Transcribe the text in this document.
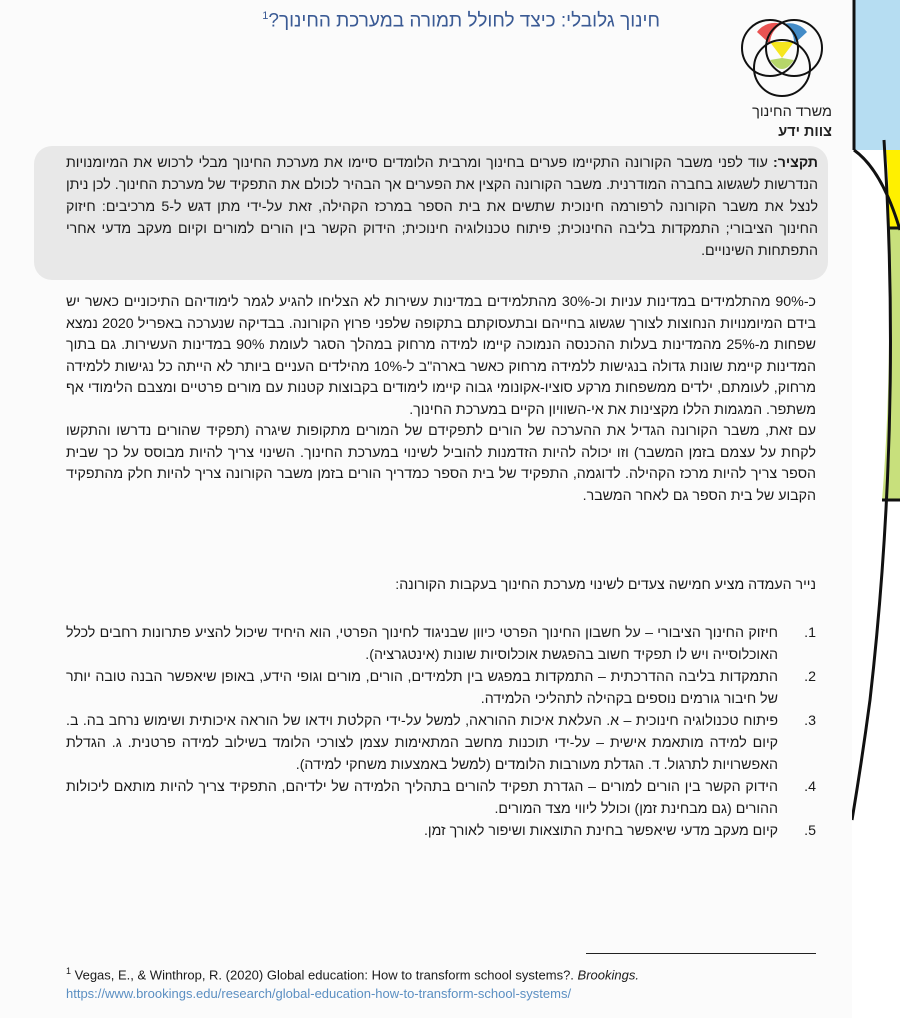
משרד החינוך
צוות ידע
חינוך גלובלי: כיצד לחולל תמורה במערכת החינוך?$^1$
תקציר: עוד לפני משבר הקורונה התקיימו פערים בחינוך ומרבית הלומדים סיימו את מערכת החינוך מבלי לרכוש את המיומנויות הנדרשות לשגשוג בחברה המודרנית. משבר הקורונה הקצין את הפערים אך הבהיר לכולם את התפקיד של מערכת החינוך. לכן ניתן לנצל את משבר הקורונה לרפורמה חינוכית שתשים את בית הספר במרכז הקהילה, זאת על-ידי מתן דגש ל-5 מרכיבים: חיזוק החינוך הציבורי; התמקדות בליבה החינוכית; פיתוח טכנולוגיה חינוכית; הידוק הקשר בין הורים למורים וקיום מעקב מדעי אחרי התפתחות השינויים.

כ-90% מהתלמידים במדינות עניות וכ-30% מהתלמידים במדינות עשירות לא הצליחו להגיע לגמר לימודיהם התיכוניים כאשר יש בידם המיומנויות הנחוצות לצורך שגשוג בחייהם ובתעסוקתם בתקופה שלפני פרוץ הקורונה. בבדיקה שנערכה באפריל 2020 נמצא שפחות מ-25% מהמדינות בעלות ההכנסה הנמוכה קיימו למידה מרחוק במהלך הסגר לעומת 90% במדינות העשירות. גם בתוך המדינות קיימת שונות גדולה בנגישות ללמידה מרחוק כאשר בארה"ב ל-10% מהילדים העניים ביותר לא הייתה כל נגישות ללמידה מרחוק, לעומתם, ילדים ממשפחות מרקע סוציו-אקונומי גבוה קיימו לימודים בקבוצות קטנות עם מורים פרטיים ומצבם הלימודי אף משתפר. המגמות הללו מקצינות את אי-השוויון הקיים במערכת החינוך.

עם זאת, משבר הקורונה הגדיל את ההערכה של הורים לתפקידם של המורים מתקופות שיגרה (תפקיד שהורים נדרשו והתקשו לקחת על עצמם בזמן המשבר) וזו יכולה להיות הזדמנות להוביל לשינוי במערכת החינוך. השינוי צריך להיות מבוסס על כך שבית הספר צריך להיות מרכז הקהילה. לדוגמה, התפקיד של בית הספר כמדריך הורים בזמן משבר הקורונה צריך להיות חלק מהתפקיד הקבוע של בית הספר גם לאחר המשבר.

נייר העמדה מציע חמישה צעדים לשינוי מערכת החינוך בעקבות הקורונה:
1.
חיזוק החינוך הציבורי – על חשבון החינוך הפרטי כיוון שבניגוד לחינוך הפרטי, הוא היחיד שיכול להציע פתרונות רחבים לכלל האוכלוסייה ויש לו תפקיד חשוב בהפגשת אוכלוסיות שונות (אינטגרציה).
2.
התמקדות בליבה ההדרכתית – התמקדות במפגש בין תלמידים, הורים, מורים וגופי הידע, באופן שיאפשר הבנה טובה יותר של חיבור גורמים נוספים בקהילה לתהליכי הלמידה.
3.
פיתוח טכנולוגיה חינוכית – א. העלאת איכות ההוראה, למשל על-ידי הקלטת וידאו של הוראה איכותית ושימוש נרחב בה. ב. קיום למידה מותאמת אישית – על-ידי תוכנות מחשב המתאימות עצמן לצורכי הלומד בשילוב למידה פרטנית. ג. הגדלת האפשרויות לתרגול. ד. הגדלת מעורבות הלומדים (למשל באמצעות משחקי למידה).
4.
הידוק הקשר בין הורים למורים – הגדרת תפקיד להורים בתהליך הלמידה של ילדיהם, התפקיד צריך להיות מותאם ליכולות ההורים (גם מבחינת זמן) וכולל ליווי מצד המורים.
5.
קיום מעקב מדעי שיאפשר בחינת התוצאות ושיפור לאורך זמן.
$^1$ Vegas, E., & Winthrop, R. (2020) Global education: How to transform school systems?. Brookings.
https://www.brookings.edu/research/global-education-how-to-transform-school-systems/
